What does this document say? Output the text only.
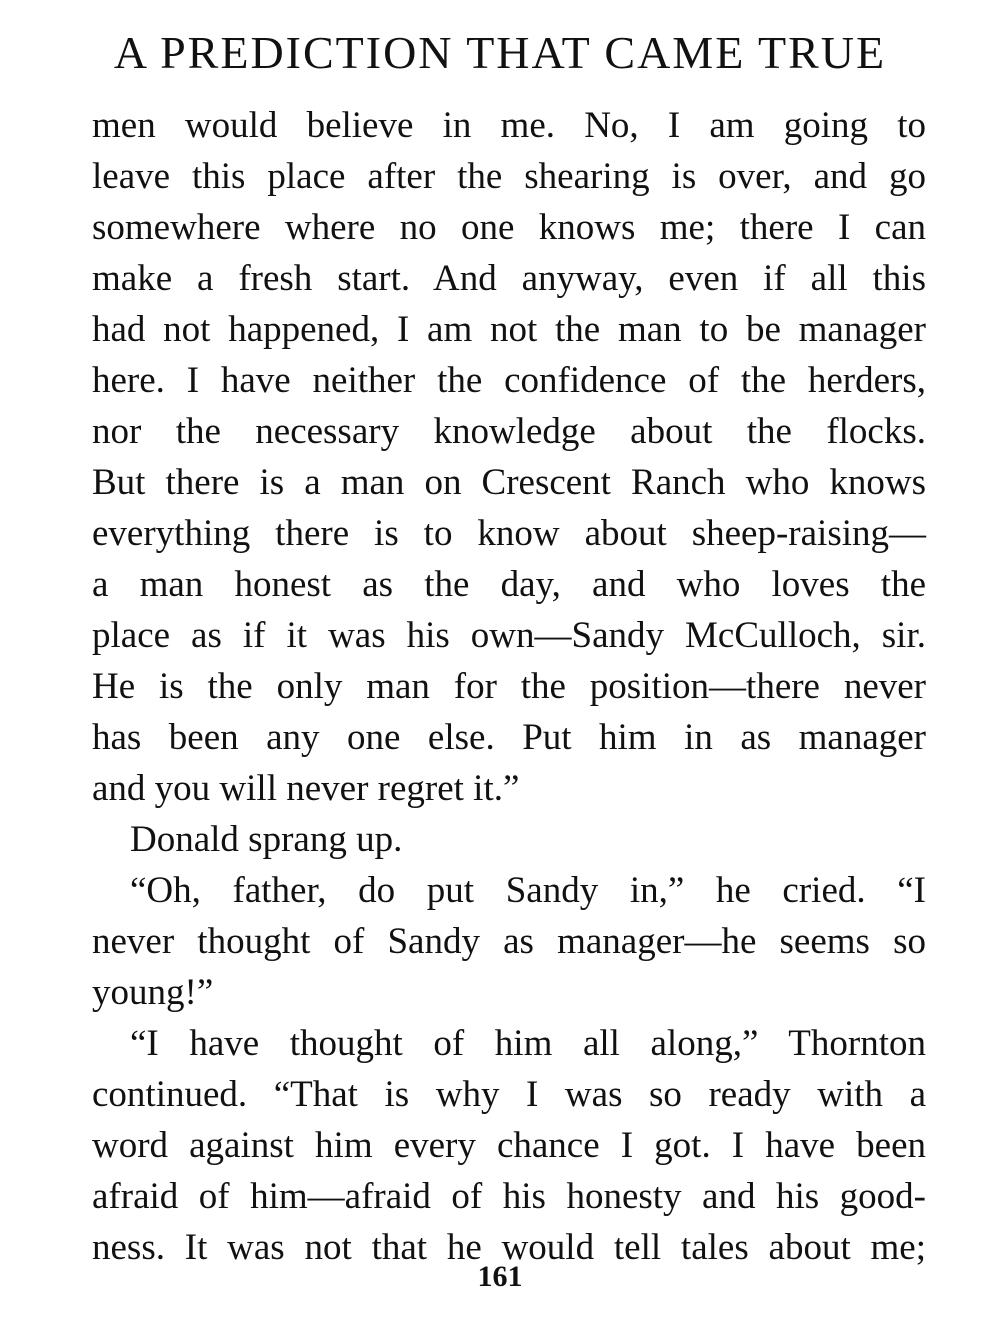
A PREDICTION THAT CAME TRUE
men would believe in me. No, I am going to
leave this place after the shearing is over, and go
somewhere where no one knows me; there I can
make a fresh start. And anyway, even if all this
had not happened, I am not the man to be manager
here. I have neither the confidence of the herders,
nor the necessary knowledge about the flocks.
But there is a man on Crescent Ranch who knows
everything there is to know about sheep-raising—
a man honest as the day, and who loves the
place as if it was his own—Sandy McCulloch, sir.
He is the only man for the position—there never
has been any one else. Put him in as manager
and you will never regret it.”
Donald sprang up.
“Oh, father, do put Sandy in,” he cried. “I
never thought of Sandy as manager—he seems so
young!”
“I have thought of him all along,” Thornton
continued. “That is why I was so ready with a
word against him every chance I got. I have been
afraid of him—afraid of his honesty and his good-
ness. It was not that he would tell tales about me;
161
